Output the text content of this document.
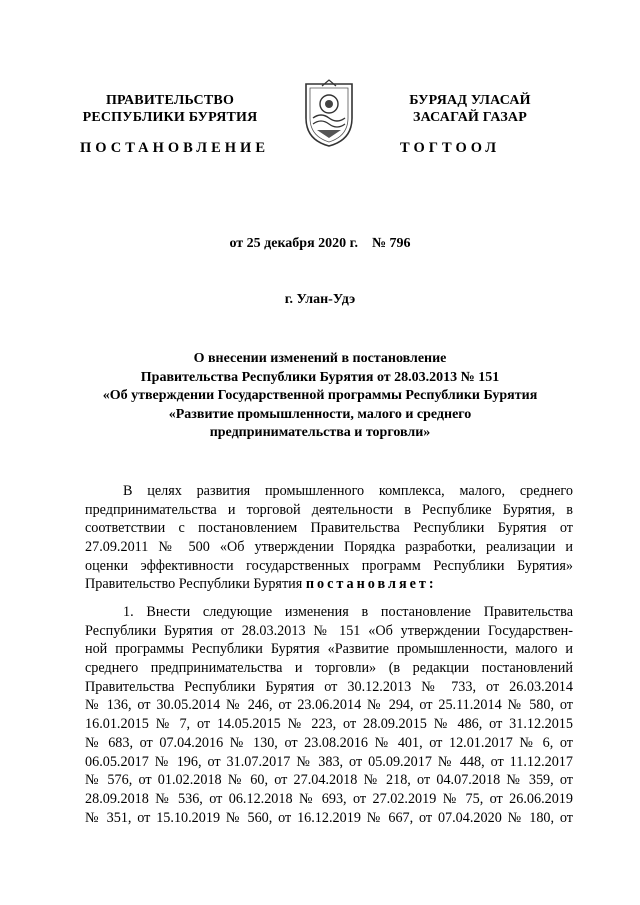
ПРАВИТЕЛЬСТВО
РЕСПУБЛИКИ БУРЯТИЯ
БУРЯАД УЛАСАЙ
ЗАСАГАЙ ГАЗАР
ПОСТАНОВЛЕНИЕ	ТОГТООЛ
от 25 декабря 2020 г. № 796
г. Улан-Удэ
О внесении изменений в постановление
Правительства Республики Бурятия от 28.03.2013 № 151
«Об утверждении Государственной программы Республики Бурятия
«Развитие промышленности, малого и среднего
предпринимательства и торговли»
В целях развития промышленного комплекса, малого, среднего
предпринимательства и торговой деятельности в Республике Бурятия, в
соответствии с постановлением Правительства Республики Бурятия от
27.09.2011 № 500 «Об утверждении Порядка разработки, реализации и
оценки эффективности государственных программ Республики Бурятия»
Правительство Республики Бурятия постановляет:
1. Внести следующие изменения в постановление Правительства
Республики Бурятия от 28.03.2013 № 151 «Об утверждении Государствен-
ной программы Республики Бурятия «Развитие промышленности, малого и
среднего предпринимательства и торговли» (в редакции постановлений
Правительства Республики Бурятия от 30.12.2013 № 733, от 26.03.2014
№ 136, от 30.05.2014 № 246, от 23.06.2014 № 294, от 25.11.2014 № 580, от
16.01.2015 № 7, от 14.05.2015 № 223, от 28.09.2015 № 486, от 31.12.2015
№ 683, от 07.04.2016 № 130, от 23.08.2016 № 401, от 12.01.2017 № 6, от
06.05.2017 № 196, от 31.07.2017 № 383, от 05.09.2017 № 448, от 11.12.2017
№ 576, от 01.02.2018 № 60, от 27.04.2018 № 218, от 04.07.2018 № 359, от
28.09.2018 № 536, от 06.12.2018 № 693, от 27.02.2019 № 75, от 26.06.2019
№ 351, от 15.10.2019 № 560, от 16.12.2019 № 667, от 07.04.2020 № 180, от
